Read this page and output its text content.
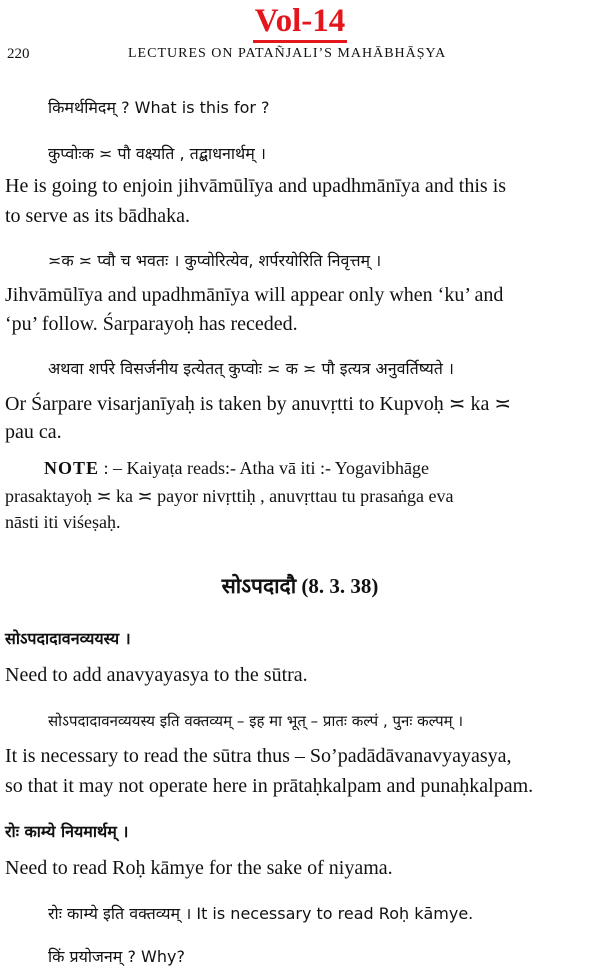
Vol-14
220	LECTURES ON PATAÑJALI’S MAHĀBHĀṢYA
किमर्थमिदम् ? What is this for ?
कुप्वोःक ≍ पौ वक्ष्यति , तद्बाधनार्थम् ।
He is going to enjoin jihvāmūlīya and upadhmānīya and this is
to serve as its bādhaka.
≍क ≍ प्वौ च भवतः । कुप्वोरित्येव, शर्परयोरिति निवृत्तम् ।
Jihvāmūlīya and upadhmānīya will appear only when ‘ku’ and
‘pu’ follow. Śarparayoḥ has receded.
अथवा शर्परे विसर्जनीय इत्येतत् कुप्वोः ≍ क ≍ पौ इत्यत्र अनुवर्तिष्यते ।
Or Śarpare visarjanīyaḥ is taken by anuvṛtti to Kupvoḥ ≍ ka ≍
pau ca.
NOTE : – Kaiyaṭa reads:- Atha vā iti :- Yogavibhāge
prasaktayoḥ ≍ ka ≍ payor nivṛttiḥ , anuvṛttau tu prasaṅga eva
nāsti iti viśeṣaḥ.
सोऽपदादौ (8. 3. 38)
सोऽपदादावनव्ययस्य ।
Need to add anavyayasya to the sūtra.
सोऽपदादावनव्ययस्य इति वक्तव्यम् – इह मा भूत् – प्रातः कल्पं , पुनः कल्पम् ।
It is necessary to read the sūtra thus – So’padādāvanavyayasya,
so that it may not operate here in prātaḥkalpam and punaḥkalpam.
रोः काम्ये नियमार्थम् ।
Need to read Roḥ kāmye for the sake of niyama.
रोः काम्ये इति वक्तव्यम् । It is necessary to read Roḥ kāmye.
किं प्रयोजनम् ? Why?
